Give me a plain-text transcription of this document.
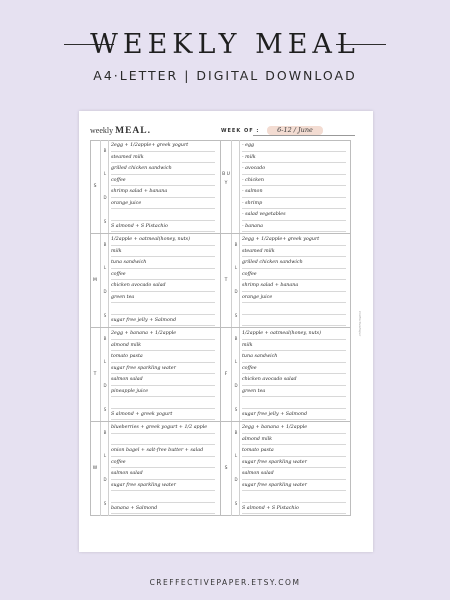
WEEKLY MEAL
A4·LETTER | DIGITAL DOWNLOAD
weekly MEAL.	WEEK OF :	6-12 / June
CreffectivePaper
S
B
L
D
S
2egg + 1/2apple+ greek yogurt
steamed milk
grilled chicken sandwich
coffee
shrimp salad + banana
orange juice
S almond + S Pistachio
B U Y
- egg
- milk
- avocado
- chicken
- salmon
- shrimp
- salad vegetables
- banana
M
B
L
D
S
1/2apple + oatmeal(honey, nuts)
milk
tuna sandwich
coffee
chicken avocado salad
green tea
sugar free jelly + Salmond
T
B
L
D
S
2egg + 1/2apple+ greek yogurt
steamed milk
grilled chicken sandwich
coffee
shrimp salad + banana
orange juice
T
B
L
D
S
2egg + banana + 1/2apple
almond milk
tomato pasta
sugar free sparkling water
salmon salad
pineapple juice
S almond + greek yogurt
F
B
L
D
S
1/2apple + oatmeal(honey, nuts)
milk
tuna sandwich
coffee
chicken avocado salad
green tea
sugar free jelly + Salmond
W
B
L
D
S
blueberries + greek yogurt + 1/2 apple
onion bagel + salt-free butter + salad
coffee
salmon salad
sugar free sparkling water
banana + Salmond
S
B
L
D
S
2egg + banana + 1/2apple
almond milk
tomato pasta
sugar free sparkling water
salmon salad
sugar free sparkling water
S almond + S Pistachio
CREFFECTIVEPAPER.ETSY.COM
